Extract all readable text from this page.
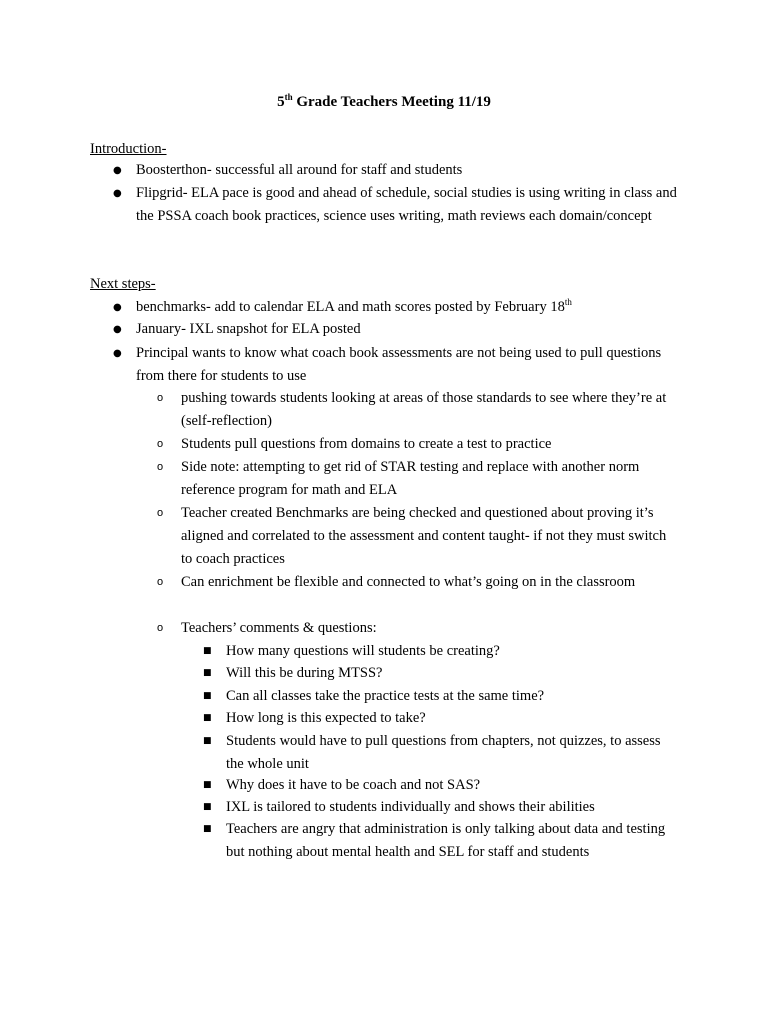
5th Grade Teachers Meeting 11/19
Introduction-
● Boosterthon- successful all around for staff and students
● Flipgrid- ELA pace is good and ahead of schedule, social studies is using writing in class and the PSSA coach book practices, science uses writing, math reviews each domain/concept
Next steps-
● benchmarks- add to calendar ELA and math scores posted by February 18th
● January- IXL snapshot for ELA posted
● Principal wants to know what coach book assessments are not being used to pull questions from there for students to use
o pushing towards students looking at areas of those standards to see where they’re at (self-reflection)
o Students pull questions from domains to create a test to practice
o Side note: attempting to get rid of STAR testing and replace with another norm reference program for math and ELA
o Teacher created Benchmarks are being checked and questioned about proving it’s aligned and correlated to the assessment and content taught- if not they must switch to coach practices
o Can enrichment be flexible and connected to what’s going on in the classroom
o Teachers’ comments & questions:
■ How many questions will students be creating?
■ Will this be during MTSS?
■ Can all classes take the practice tests at the same time?
■ How long is this expected to take?
■ Students would have to pull questions from chapters, not quizzes, to assess the whole unit
■ Why does it have to be coach and not SAS?
■ IXL is tailored to students individually and shows their abilities
■ Teachers are angry that administration is only talking about data and testing but nothing about mental health and SEL for staff and students
